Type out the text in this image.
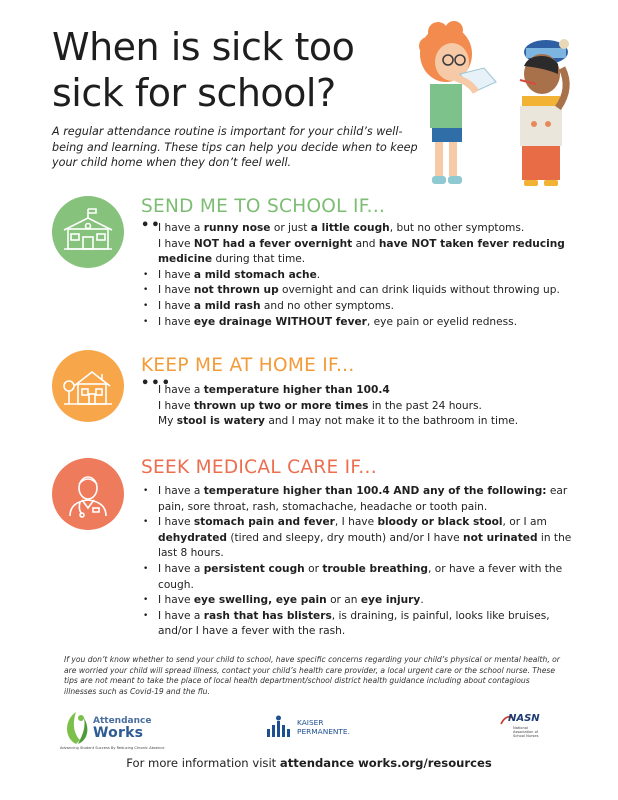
When is sick too
sick for school?

A regular attendance routine is important for your child’s well-being and learning. These tips can help you decide when to keep your child home when they don’t feel well.

SEND ME TO SCHOOL IF...
••
I have a runny nose or just a little cough, but no other symptoms.
I have NOT had a fever overnight and have NOT taken fever reducing medicine during that time.
• I have a mild stomach ache.
• I have not thrown up overnight and can drink liquids without throwing up.
• I have a mild rash and no other symptoms.
• I have eye drainage WITHOUT fever, eye pain or eyelid redness.
KEEP ME AT HOME IF...
•••
I have a temperature higher than 100.4
I have thrown up two or more times in the past 24 hours.
My stool is watery and I may not make it to the bathroom in time.
SEEK MEDICAL CARE IF...
• I have a temperature higher than 100.4 AND any of the following: ear pain, sore throat, rash, stomachache, headache or tooth pain.
• I have stomach pain and fever, I have bloody or black stool, or I am dehydrated (tired and sleepy, dry mouth) and/or I have not urinated in the last 8 hours.
• I have a persistent cough or trouble breathing, or have a fever with the cough.
• I have eye swelling, eye pain or an eye injury.
• I have a rash that has blisters, is draining, is painful, looks like bruises, and/or I have a fever with the rash.

If you don’t know whether to send your child to school, have specific concerns regarding your child’s physical or mental health, or are worried your child will spread illness, contact your child’s health care provider, a local urgent care or the school nurse. These tips are not meant to take the place of local health department/school district health guidance including about contagious illnesses such as Covid-19 and the flu.

Attendance
Works
Advancing Student Success By Reducing Chronic Absence
KAISER
PERMANENTE.
NASN
National
Association of
School Nurses
For more information visit attendance works.org/resources
